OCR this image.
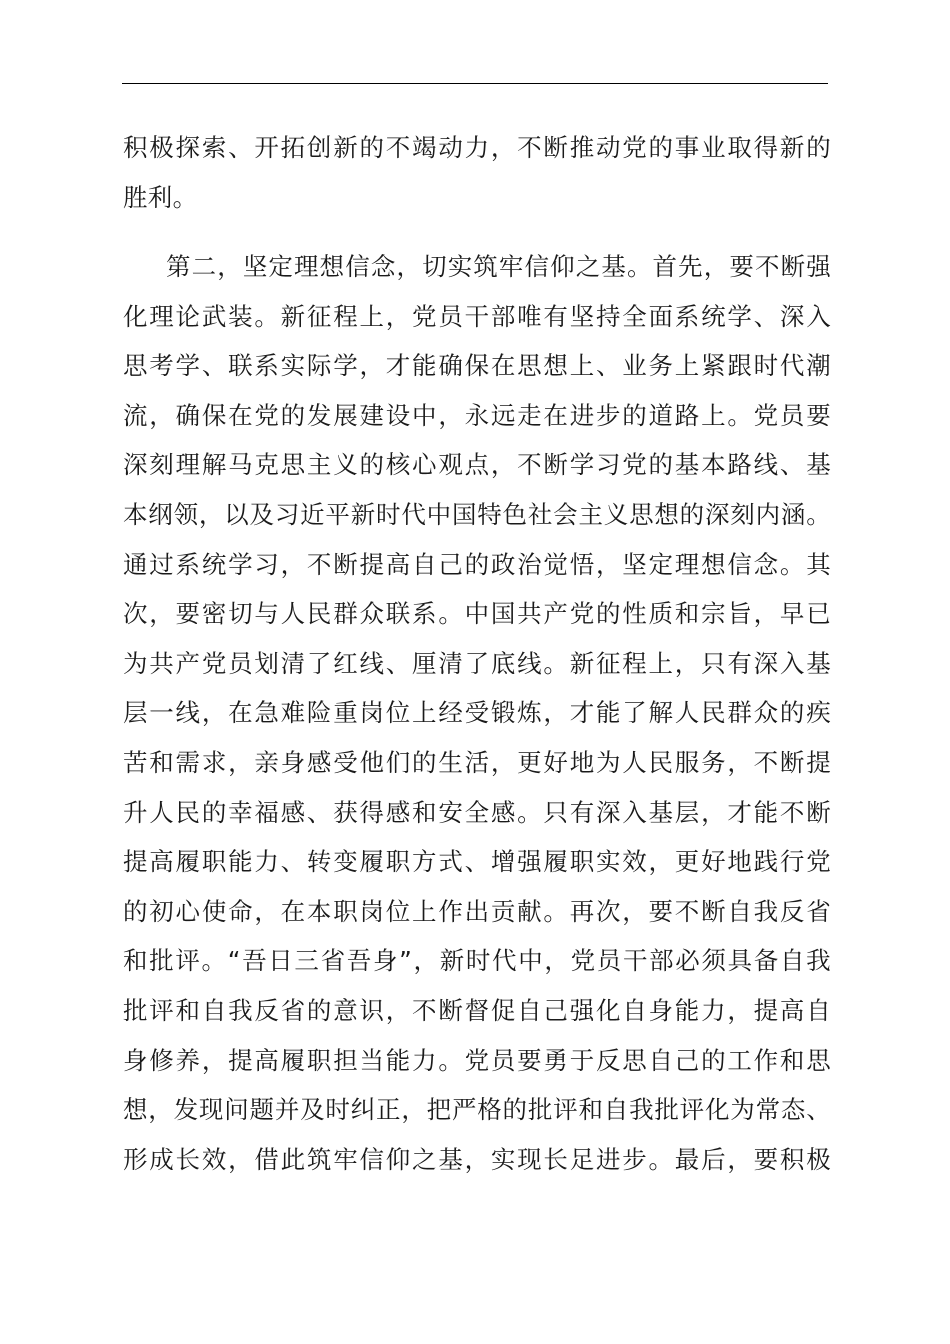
积极探索、开拓创新的不竭动力，不断推动党的事业取得新的
胜利。
第二，坚定理想信念，切实筑牢信仰之基。首先，要不断强
化理论武装。新征程上，党员干部唯有坚持全面系统学、深入
思考学、联系实际学，才能确保在思想上、业务上紧跟时代潮
流，确保在党的发展建设中，永远走在进步的道路上。党员要
深刻理解马克思主义的核心观点，不断学习党的基本路线、基
本纲领，以及习近平新时代中国特色社会主义思想的深刻内涵。
通过系统学习，不断提高自己的政治觉悟，坚定理想信念。其
次，要密切与人民群众联系。中国共产党的性质和宗旨，早已
为共产党员划清了红线、厘清了底线。新征程上，只有深入基
层一线，在急难险重岗位上经受锻炼，才能了解人民群众的疾
苦和需求，亲身感受他们的生活，更好地为人民服务，不断提
升人民的幸福感、获得感和安全感。只有深入基层，才能不断
提高履职能力、转变履职方式、增强履职实效，更好地践行党
的初心使命，在本职岗位上作出贡献。再次，要不断自我反省
和批评。“吾日三省吾身”，新时代中，党员干部必须具备自我
批评和自我反省的意识，不断督促自己强化自身能力，提高自
身修养，提高履职担当能力。党员要勇于反思自己的工作和思
想，发现问题并及时纠正，把严格的批评和自我批评化为常态、
形成长效，借此筑牢信仰之基，实现长足进步。最后，要积极
